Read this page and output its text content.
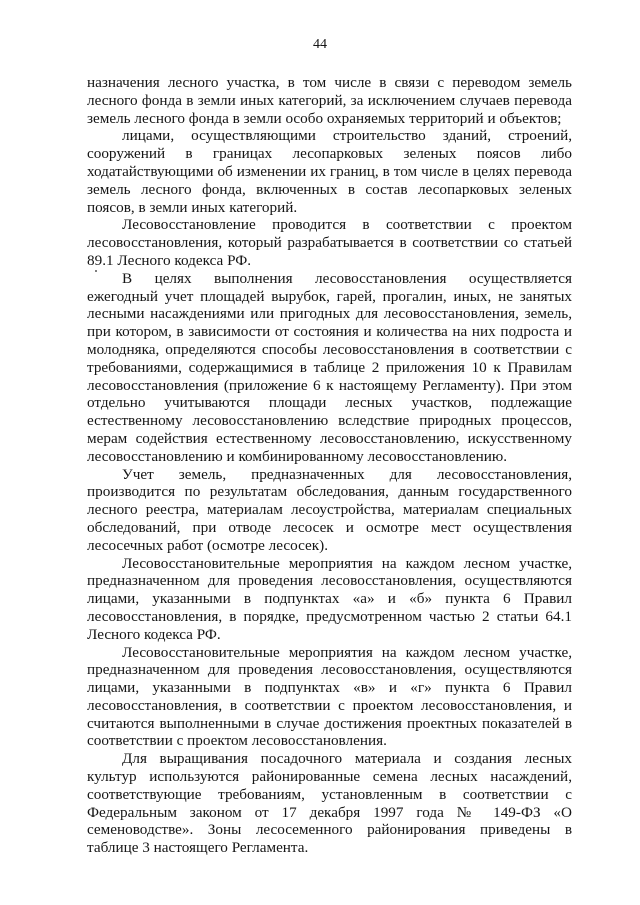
44

назначения лесного участка, в том числе в связи с переводом земель лесного фонда в земли иных категорий, за исключением случаев перевода земель лесного фонда в земли особо охраняемых территорий и объектов;

лицами, осуществляющими строительство зданий, строений, сооружений в границах лесопарковых зеленых поясов либо ходатайствующими об изменении их границ, в том числе в целях перевода земель лесного фонда, включенных в состав лесопарковых зеленых поясов, в земли иных категорий.

Лесовосстановление проводится в соответствии с проектом лесовосстановления, который разрабатывается в соответствии со статьей 89.1 Лесного кодекса РФ.

В целях выполнения лесовосстановления осуществляется ежегодный учет площадей вырубок, гарей, прогалин, иных, не занятых лесными насаждениями или пригодных для лесовосстановления, земель, при котором, в зависимости от состояния и количества на них подроста и молодняка, определяются способы лесовосстановления в соответствии с требованиями, содержащимися в таблице 2 приложения 10 к Правилам лесовосстановления (приложение 6 к настоящему Регламенту). При этом отдельно учитываются площади лесных участков, подлежащие естественному лесовосстановлению вследствие природных процессов, мерам содействия естественному лесовосстановлению, искусственному лесовосстановлению и комбинированному лесовосстановлению.

Учет земель, предназначенных для лесовосстановления, производится по результатам обследования, данным государственного лесного реестра, материалам лесоустройства, материалам специальных обследований, при отводе лесосек и осмотре мест осуществления лесосечных работ (осмотре лесосек).

Лесовосстановительные мероприятия на каждом лесном участке, предназначенном для проведения лесовосстановления, осуществляются лицами, указанными в подпунктах «а» и «б» пункта 6 Правил лесовосстановления, в порядке, предусмотренном частью 2 статьи 64.1 Лесного кодекса РФ.

Лесовосстановительные мероприятия на каждом лесном участке, предназначенном для проведения лесовосстановления, осуществляются лицами, указанными в подпунктах «в» и «г» пункта 6 Правил лесовосстановления, в соответствии с проектом лесовосстановления, и считаются выполненными в случае достижения проектных показателей в соответствии с проектом лесовосстановления.

Для выращивания посадочного материала и создания лесных культур используются районированные семена лесных насаждений, соответствующие требованиям, установленным в соответствии с Федеральным законом от 17 декабря 1997 года № 149-ФЗ «О семеноводстве». Зоны лесосеменного районирования приведены в таблице 3 настоящего Регламента.
